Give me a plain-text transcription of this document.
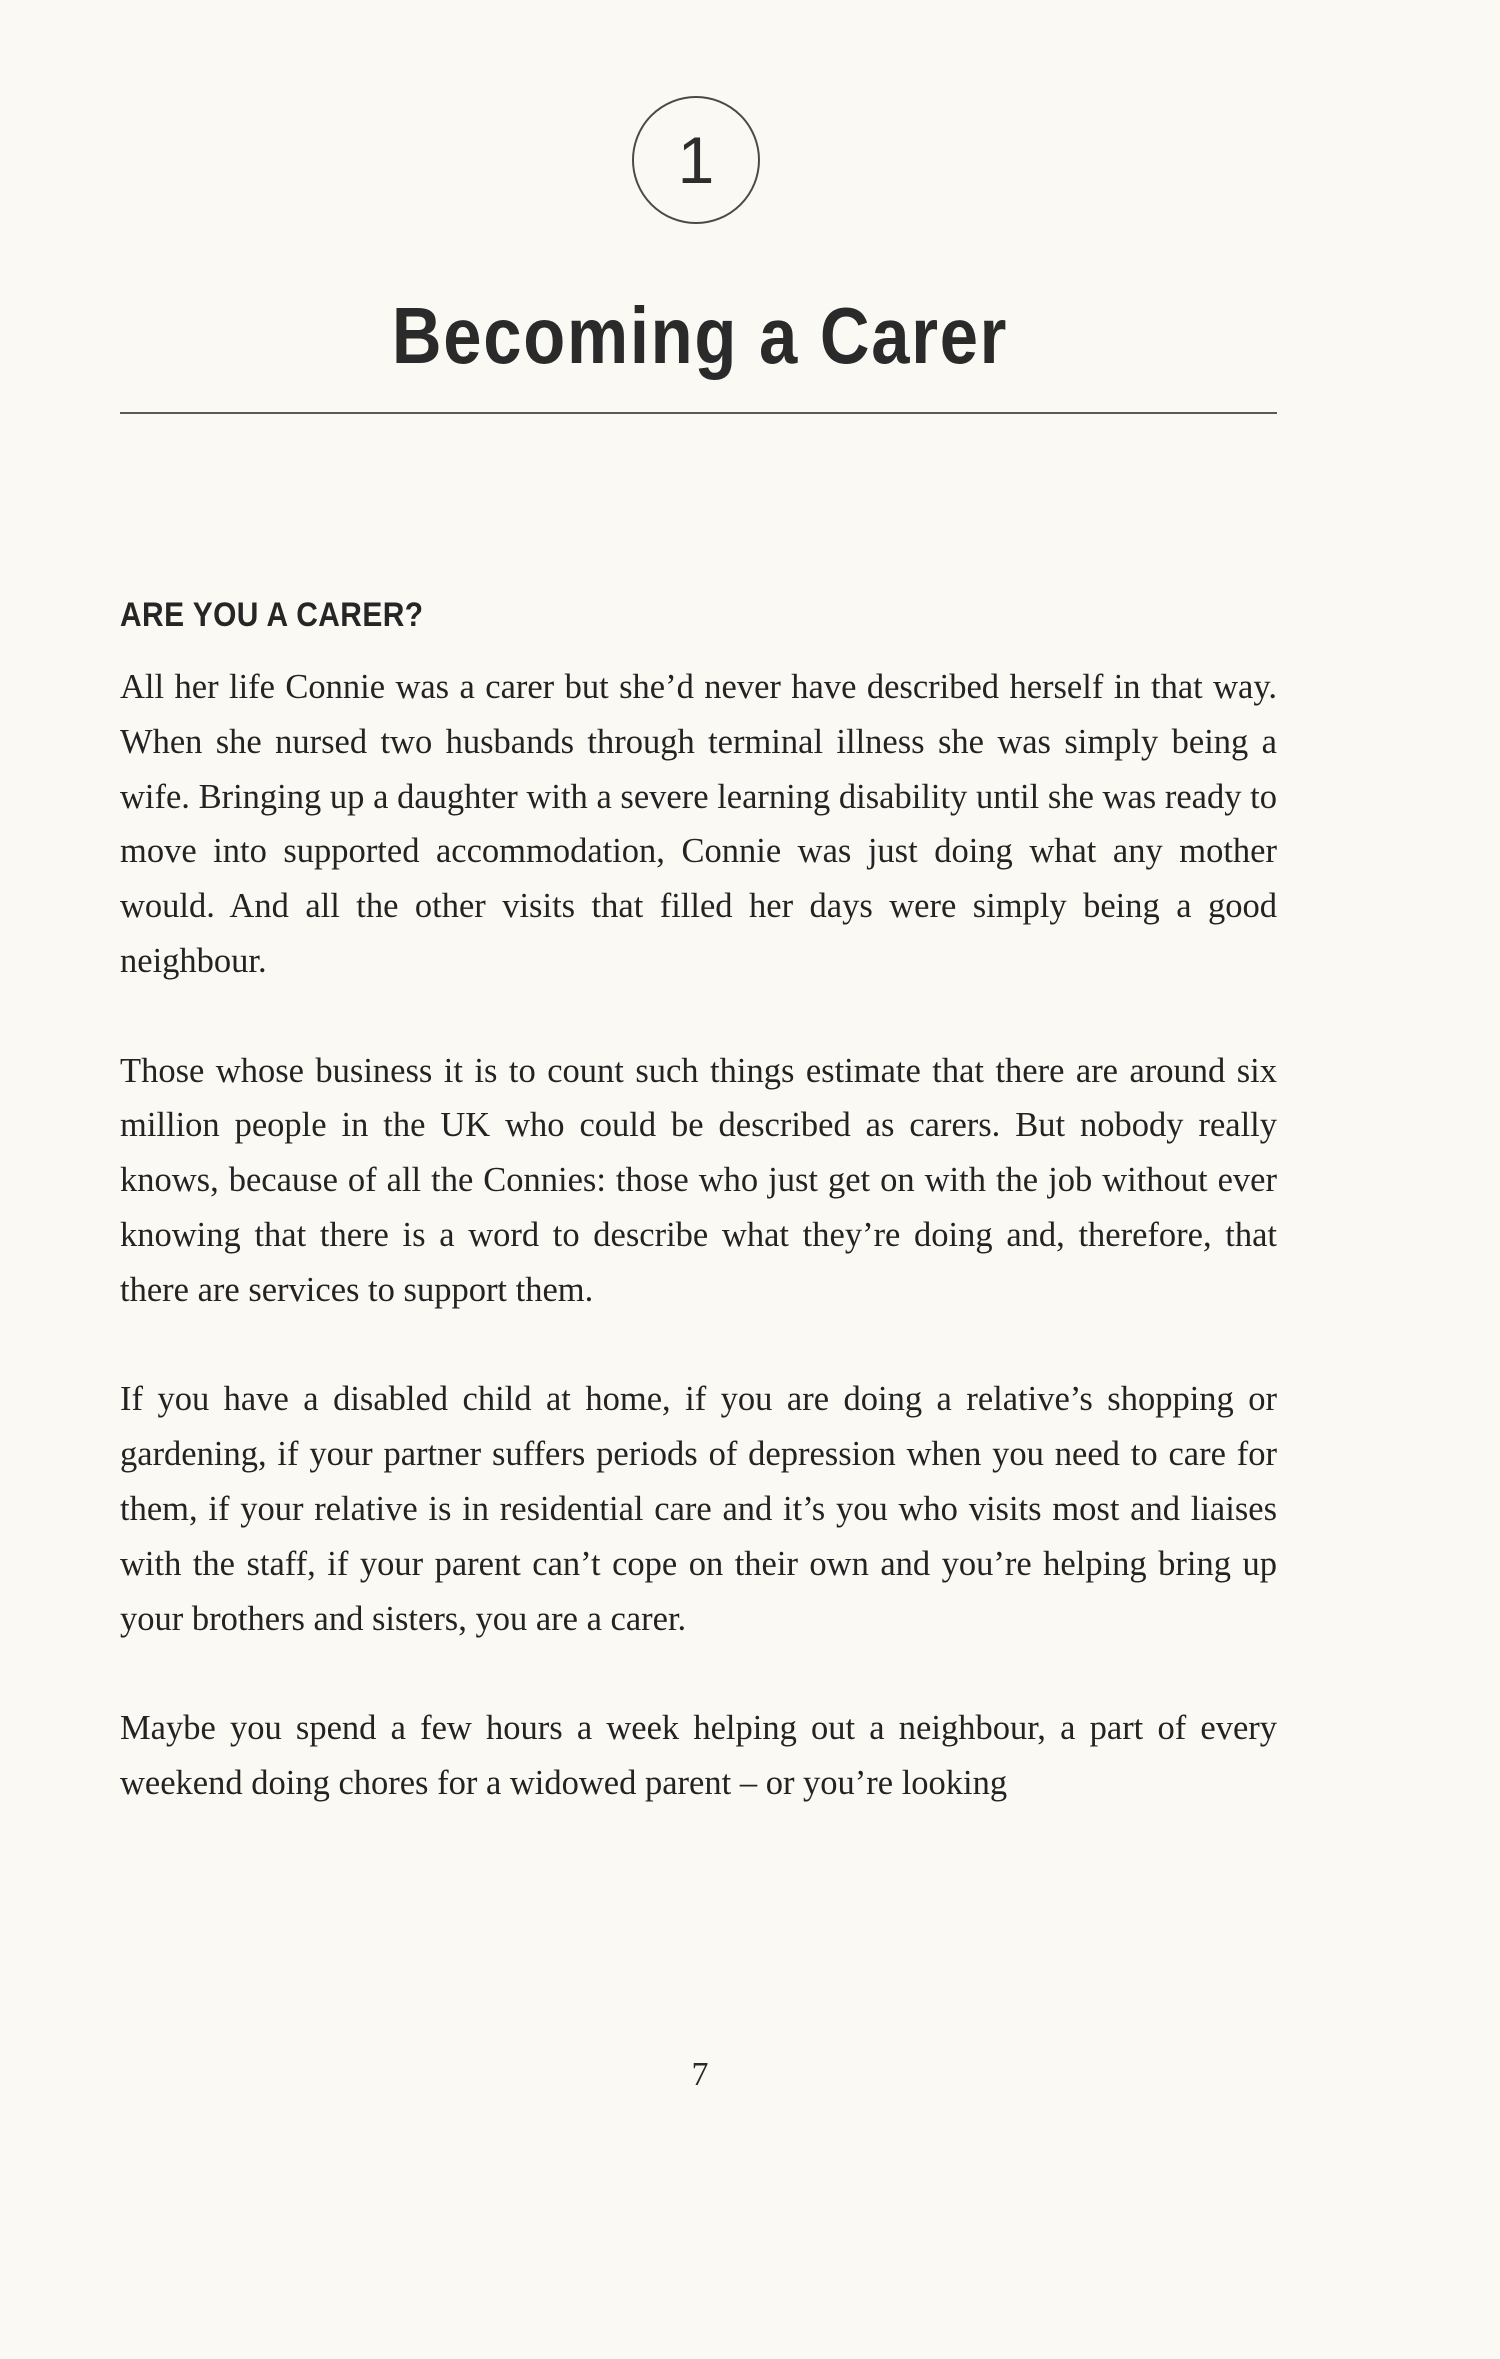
1
Becoming a Carer
ARE YOU A CARER?

All her life Connie was a carer but she’d never have described herself in that way. When she nursed two husbands through terminal illness she was simply being a wife. Bringing up a daughter with a severe learning disability until she was ready to move into supported accommodation, Connie was just doing what any mother would. And all the other visits that filled her days were simply being a good neighbour.

Those whose business it is to count such things estimate that there are around six million people in the UK who could be described as carers. But nobody really knows, because of all the Connies: those who just get on with the job without ever knowing that there is a word to describe what they’re doing and, therefore, that there are services to support them.

If you have a disabled child at home, if you are doing a relative’s shopping or gardening, if your partner suffers periods of depression when you need to care for them, if your relative is in residential care and it’s you who visits most and liaises with the staff, if your parent can’t cope on their own and you’re helping bring up your brothers and sisters, you are a carer.

Maybe you spend a few hours a week helping out a neighbour, a part of every weekend doing chores for a widowed parent – or you’re looking

7
